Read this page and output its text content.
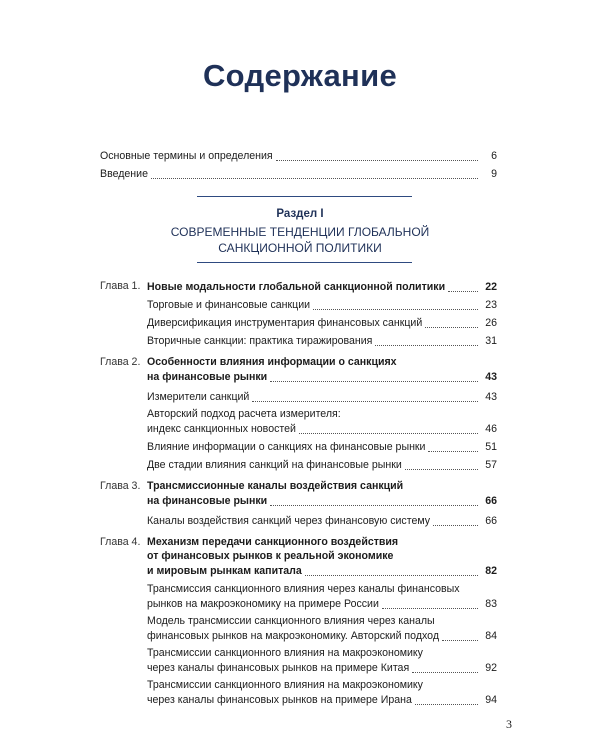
Содержание
Основные термины и определения	6
Введение	9
Раздел I
СОВРЕМЕННЫЕ ТЕНДЕНЦИИ ГЛОБАЛЬНОЙ
САНКЦИОННОЙ ПОЛИТИКИ
Глава 1. Новые модальности глобальной санкционной политики	22
Торговые и финансовые санкции	23
Диверсификация инструментария финансовых санкций	26
Вторичные санкции: практика тиражирования	31
Глава 2. Особенности влияния информации о санкциях
на финансовые рынки	43
Измерители санкций	43
Авторский подход расчета измерителя:
индекс санкционных новостей	46
Влияние информации о санкциях на финансовые рынки	51
Две стадии влияния санкций на финансовые рынки	57
Глава 3. Трансмиссионные каналы воздействия санкций
на финансовые рынки	66
Каналы воздействия санкций через финансовую систему	66
Глава 4. Механизм передачи санкционного воздействия
от финансовых рынков к реальной экономике
и мировым рынкам капитала	82
Трансмиссия санкционного влияния через каналы финансовых
рынков на макроэкономику на примере России	83
Модель трансмиссии санкционного влияния через каналы
финансовых рынков на макроэкономику. Авторский подход	84
Трансмиссии санкционного влияния на макроэкономику
через каналы финансовых рынков на примере Китая	92
Трансмиссии санкционного влияния на макроэкономику
через каналы финансовых рынков на примере Ирана	94
3
